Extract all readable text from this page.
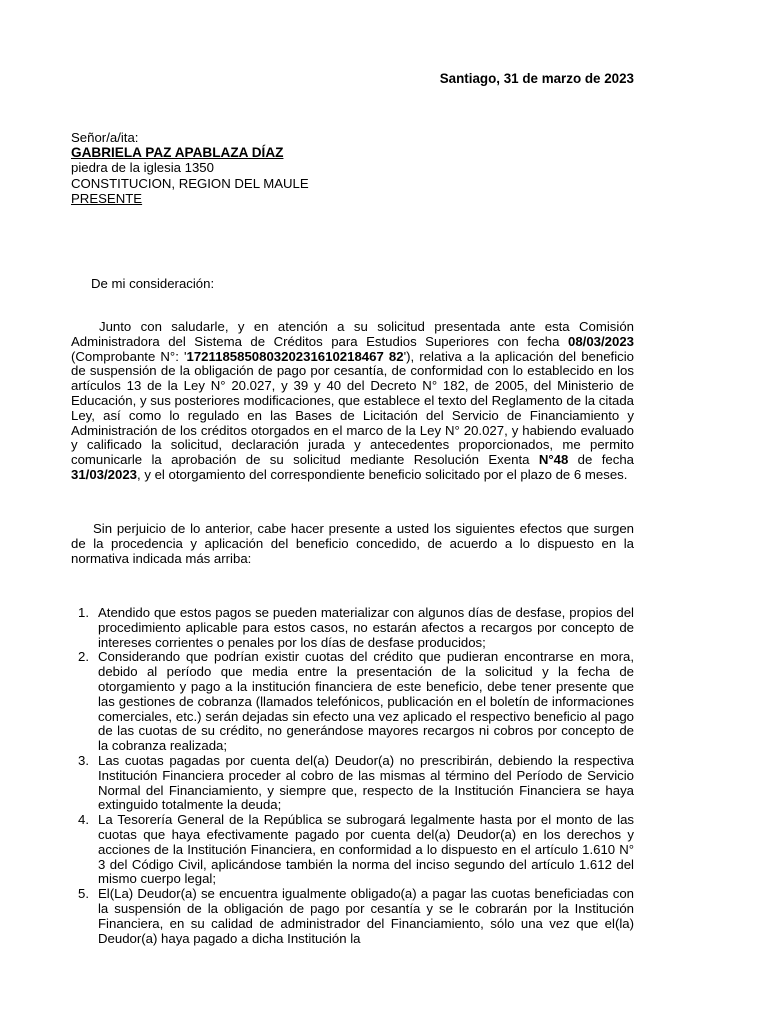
Santiago, 31 de marzo de 2023
Señor/a/ita:
GABRIELA PAZ APABLAZA DÍAZ
piedra de la iglesia 1350
CONSTITUCION, REGION DEL MAULE
PRESENTE
De mi consideración:
Junto con saludarle, y en atención a su solicitud presentada ante esta Comisión Administradora del Sistema de Créditos para Estudios Superiores con fecha 08/03/2023 (Comprobante N°: '172118585080320231610218467 82'), relativa a la aplicación del beneficio de suspensión de la obligación de pago por cesantía, de conformidad con lo establecido en los artículos 13 de la Ley N° 20.027, y 39 y 40 del Decreto N° 182, de 2005, del Ministerio de Educación, y sus posteriores modificaciones, que establece el texto del Reglamento de la citada Ley, así como lo regulado en las Bases de Licitación del Servicio de Financiamiento y Administración de los créditos otorgados en el marco de la Ley N° 20.027, y habiendo evaluado y calificado la solicitud, declaración jurada y antecedentes proporcionados, me permito comunicarle la aprobación de su solicitud mediante Resolución Exenta N°48 de fecha 31/03/2023, y el otorgamiento del correspondiente beneficio solicitado por el plazo de 6 meses.
Sin perjuicio de lo anterior, cabe hacer presente a usted los siguientes efectos que surgen de la procedencia y aplicación del beneficio concedido, de acuerdo a lo dispuesto en la normativa indicada más arriba:
1. Atendido que estos pagos se pueden materializar con algunos días de desfase, propios del procedimiento aplicable para estos casos, no estarán afectos a recargos por concepto de intereses corrientes o penales por los días de desfase producidos;
2. Considerando que podrían existir cuotas del crédito que pudieran encontrarse en mora, debido al período que media entre la presentación de la solicitud y la fecha de otorgamiento y pago a la institución financiera de este beneficio, debe tener presente que las gestiones de cobranza (llamados telefónicos, publicación en el boletín de informaciones comerciales, etc.) serán dejadas sin efecto una vez aplicado el respectivo beneficio al pago de las cuotas de su crédito, no generándose mayores recargos ni cobros por concepto de la cobranza realizada;
3. Las cuotas pagadas por cuenta del(a) Deudor(a) no prescribirán, debiendo la respectiva Institución Financiera proceder al cobro de las mismas al término del Período de Servicio Normal del Financiamiento, y siempre que, respecto de la Institución Financiera se haya extinguido totalmente la deuda;
4. La Tesorería General de la República se subrogará legalmente hasta por el monto de las cuotas que haya efectivamente pagado por cuenta del(a) Deudor(a) en los derechos y acciones de la Institución Financiera, en conformidad a lo dispuesto en el artículo 1.610 N° 3 del Código Civil, aplicándose también la norma del inciso segundo del artículo 1.612 del mismo cuerpo legal;
5. El(La) Deudor(a) se encuentra igualmente obligado(a) a pagar las cuotas beneficiadas con la suspensión de la obligación de pago por cesantía y se le cobrarán por la Institución Financiera, en su calidad de administrador del Financiamiento, sólo una vez que el(la) Deudor(a) haya pagado a dicha Institución la
